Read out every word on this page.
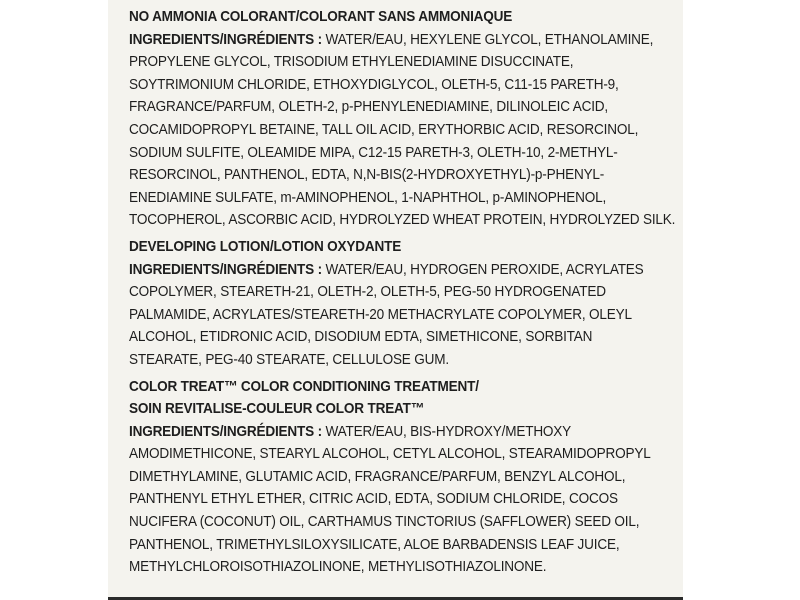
NO AMMONIA COLORANT/COLORANT SANS AMMONIAQUE
INGREDIENTS/INGRÉDIENTS : WATER/EAU, HEXYLENE GLYCOL, ETHANOLAMINE,
PROPYLENE GLYCOL, TRISODIUM ETHYLENEDIAMINE DISUCCINATE,
SOYTRIMONIUM CHLORIDE, ETHOXYDIGLYCOL, OLETH-5, C11-15 PARETH-9,
FRAGRANCE/PARFUM, OLETH-2, p-PHENYLENEDIAMINE, DILINOLEIC ACID,
COCAMIDOPROPYL BETAINE, TALL OIL ACID, ERYTHORBIC ACID, RESORCINOL,
SODIUM SULFITE, OLEAMIDE MIPA, C12-15 PARETH-3, OLETH-10, 2-METHYL-
RESORCINOL, PANTHENOL, EDTA, N,N-BIS(2-HYDROXYETHYL)-p-PHENYL-
ENEDIAMINE SULFATE, m-AMINOPHENOL, 1-NAPHTHOL, p-AMINOPHENOL,
TOCOPHEROL, ASCORBIC ACID, HYDROLYZED WHEAT PROTEIN, HYDROLYZED SILK.
DEVELOPING LOTION/LOTION OXYDANTE
INGREDIENTS/INGRÉDIENTS : WATER/EAU, HYDROGEN PEROXIDE, ACRYLATES
COPOLYMER, STEARETH-21, OLETH-2, OLETH-5, PEG-50 HYDROGENATED
PALMAMIDE, ACRYLATES/STEARETH-20 METHACRYLATE COPOLYMER, OLEYL
ALCOHOL, ETIDRONIC ACID, DISODIUM EDTA, SIMETHICONE, SORBITAN
STEARATE, PEG-40 STEARATE, CELLULOSE GUM.
COLOR TREAT™ COLOR CONDITIONING TREATMENT/
SOIN REVITALISE-COULEUR COLOR TREAT™
INGREDIENTS/INGRÉDIENTS : WATER/EAU, BIS-HYDROXY/METHOXY
AMODIMETHICONE, STEARYL ALCOHOL, CETYL ALCOHOL, STEARAMIDOPROPYL
DIMETHYLAMINE, GLUTAMIC ACID, FRAGRANCE/PARFUM, BENZYL ALCOHOL,
PANTHENYL ETHYL ETHER, CITRIC ACID, EDTA, SODIUM CHLORIDE, COCOS
NUCIFERA (COCONUT) OIL, CARTHAMUS TINCTORIUS (SAFFLOWER) SEED OIL,
PANTHENOL, TRIMETHYLSILOXYSILICATE, ALOE BARBADENSIS LEAF JUICE,
METHYLCHLOROISOTHIAZOLINONE, METHYLISOTHIAZOLINONE.
